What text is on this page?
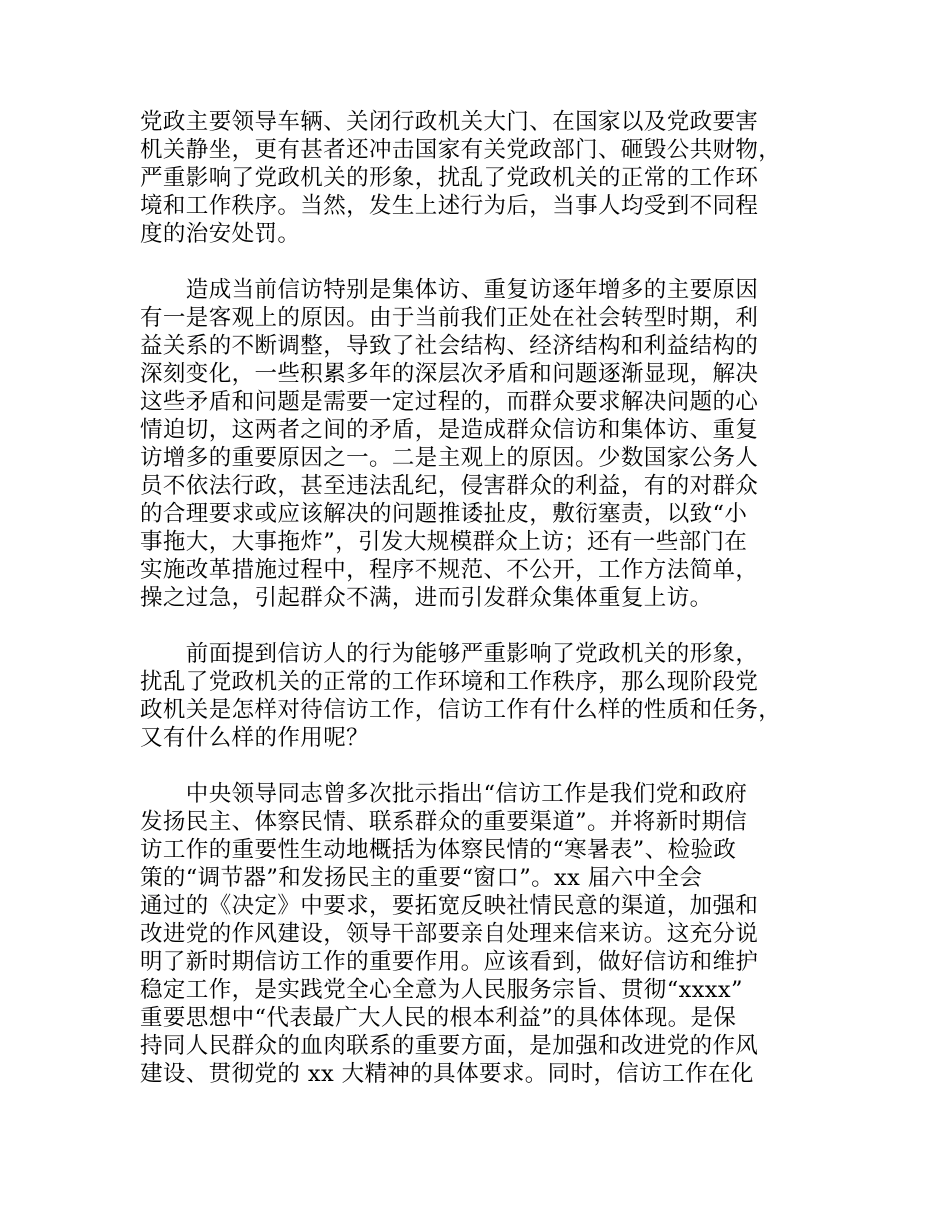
党政主要领导车辆、关闭行政机关大门、在国家以及党政要害
机关静坐，更有甚者还冲击国家有关党政部门、砸毁公共财物，
严重影响了党政机关的形象，扰乱了党政机关的正常的工作环
境和工作秩序。当然，发生上述行为后，当事人均受到不同程
度的治安处罚。

　　造成当前信访特别是集体访、重复访逐年增多的主要原因
有一是客观上的原因。由于当前我们正处在社会转型时期，利
益关系的不断调整，导致了社会结构、经济结构和利益结构的
深刻变化，一些积累多年的深层次矛盾和问题逐渐显现，解决
这些矛盾和问题是需要一定过程的，而群众要求解决问题的心
情迫切，这两者之间的矛盾，是造成群众信访和集体访、重复
访增多的重要原因之一。二是主观上的原因。少数国家公务人
员不依法行政，甚至违法乱纪，侵害群众的利益，有的对群众
的合理要求或应该解决的问题推诿扯皮，敷衍塞责，以致“小
事拖大，大事拖炸”，引发大规模群众上访；还有一些部门在
实施改革措施过程中，程序不规范、不公开，工作方法简单，
操之过急，引起群众不满，进而引发群众集体重复上访。

　　前面提到信访人的行为能够严重影响了党政机关的形象，
扰乱了党政机关的正常的工作环境和工作秩序，那么现阶段党
政机关是怎样对待信访工作，信访工作有什么样的性质和任务，
又有什么样的作用呢？

　　中央领导同志曾多次批示指出“信访工作是我们党和政府
发扬民主、体察民情、联系群众的重要渠道”。并将新时期信
访工作的重要性生动地概括为体察民情的“寒暑表”、检验政
策的“调节器”和发扬民主的重要“窗口”。xx 届六中全会
通过的《决定》中要求，要拓宽反映社情民意的渠道，加强和
改进党的作风建设，领导干部要亲自处理来信来访。这充分说
明了新时期信访工作的重要作用。应该看到，做好信访和维护
稳定工作，是实践党全心全意为人民服务宗旨、贯彻“xxxx”
重要思想中“代表最广大人民的根本利益”的具体体现。是保
持同人民群众的血肉联系的重要方面，是加强和改进党的作风
建设、贯彻党的 xx 大精神的具体要求。同时，信访工作在化
